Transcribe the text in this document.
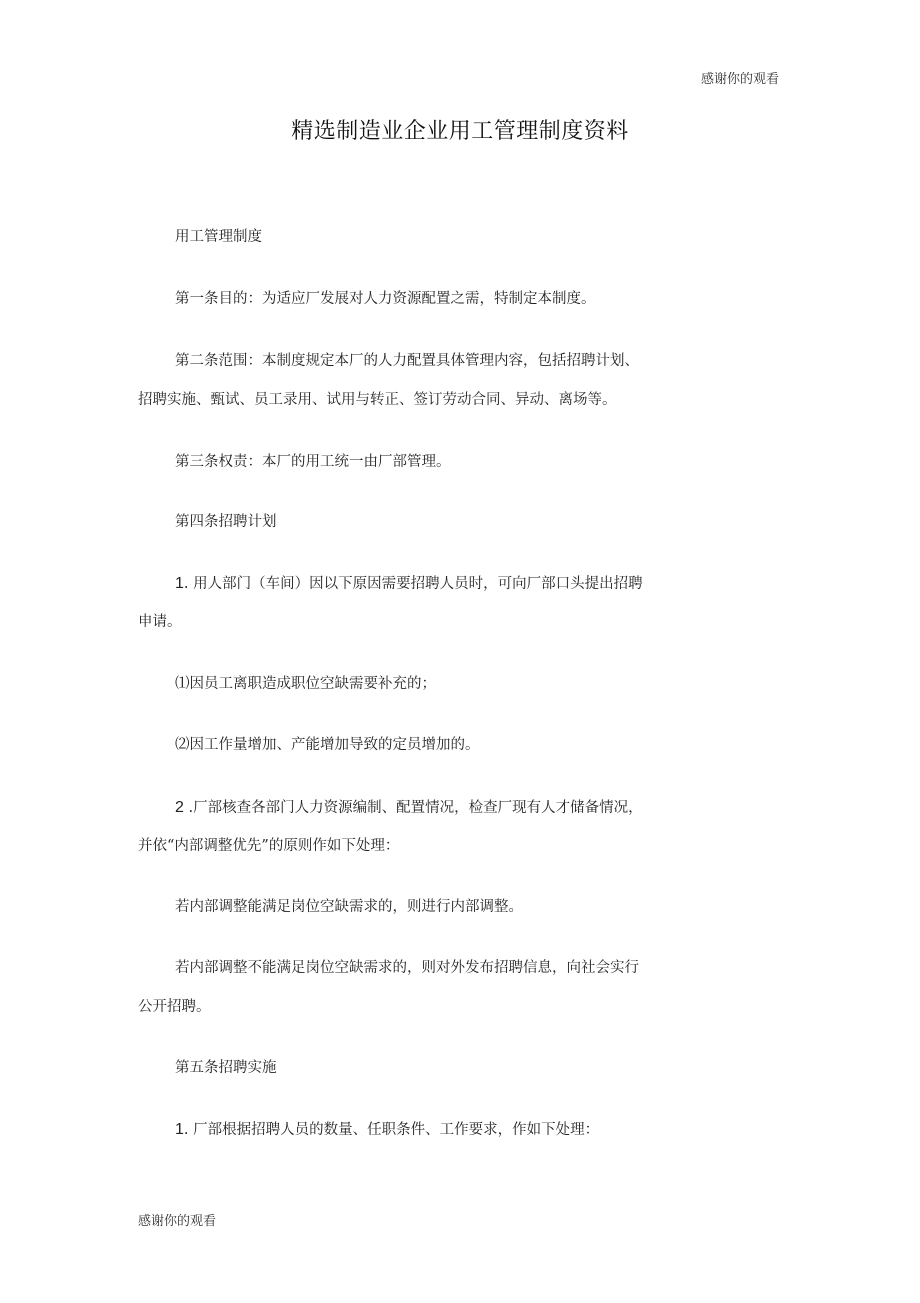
感谢你的观看
精选制造业企业用工管理制度资料
用工管理制度
第一条目的：为适应厂发展对人力资源配置之需，特制定本制度。
第二条范围：本制度规定本厂的人力配置具体管理内容，包括招聘计划、
招聘实施、甄试、员工录用、试用与转正、签订劳动合同、异动、离场等。
第三条权责：本厂的用工统一由厂部管理。
第四条招聘计划
1. 用人部门（车间）因以下原因需要招聘人员时，可向厂部口头提出招聘
申请。
⑴因员工离职造成职位空缺需要补充的；
⑵因工作量增加、产能增加导致的定员增加的。
2 .厂部核查各部门人力资源编制、配置情况，检查厂现有人才储备情况，
并依“内部调整优先”的原则作如下处理：
若内部调整能满足岗位空缺需求的，则进行内部调整。
若内部调整不能满足岗位空缺需求的，则对外发布招聘信息，向社会实行
公开招聘。
第五条招聘实施
1. 厂部根据招聘人员的数量、任职条件、工作要求，作如下处理：
感谢你的观看
